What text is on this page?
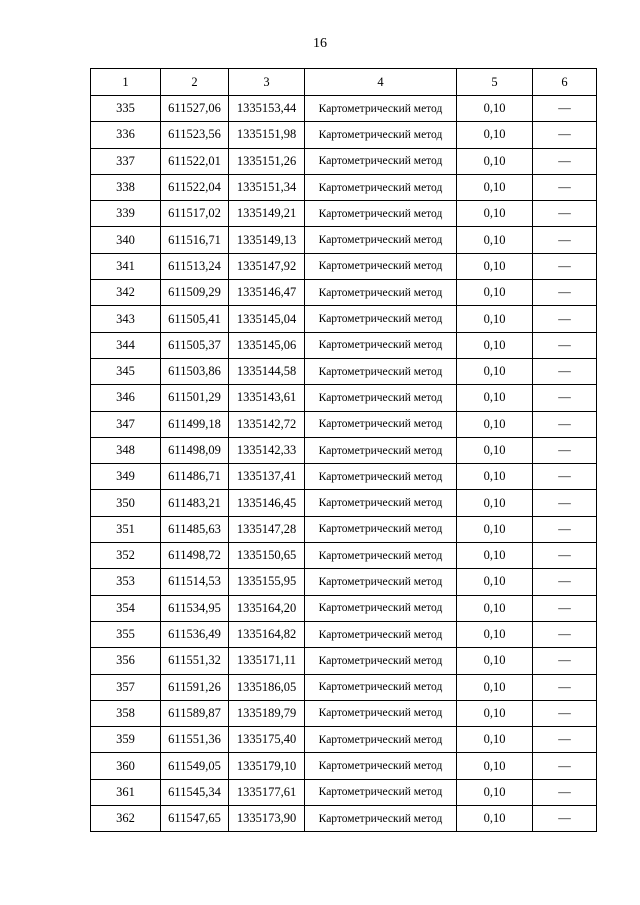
16
1	2	3	4	5	6
335	611527,06	1335153,44	Картометрический метод	0,10	—
336	611523,56	1335151,98	Картометрический метод	0,10	—
337	611522,01	1335151,26	Картометрический метод	0,10	—
338	611522,04	1335151,34	Картометрический метод	0,10	—
339	611517,02	1335149,21	Картометрический метод	0,10	—
340	611516,71	1335149,13	Картометрический метод	0,10	—
341	611513,24	1335147,92	Картометрический метод	0,10	—
342	611509,29	1335146,47	Картометрический метод	0,10	—
343	611505,41	1335145,04	Картометрический метод	0,10	—
344	611505,37	1335145,06	Картометрический метод	0,10	—
345	611503,86	1335144,58	Картометрический метод	0,10	—
346	611501,29	1335143,61	Картометрический метод	0,10	—
347	611499,18	1335142,72	Картометрический метод	0,10	—
348	611498,09	1335142,33	Картометрический метод	0,10	—
349	611486,71	1335137,41	Картометрический метод	0,10	—
350	611483,21	1335146,45	Картометрический метод	0,10	—
351	611485,63	1335147,28	Картометрический метод	0,10	—
352	611498,72	1335150,65	Картометрический метод	0,10	—
353	611514,53	1335155,95	Картометрический метод	0,10	—
354	611534,95	1335164,20	Картометрический метод	0,10	—
355	611536,49	1335164,82	Картометрический метод	0,10	—
356	611551,32	1335171,11	Картометрический метод	0,10	—
357	611591,26	1335186,05	Картометрический метод	0,10	—
358	611589,87	1335189,79	Картометрический метод	0,10	—
359	611551,36	1335175,40	Картометрический метод	0,10	—
360	611549,05	1335179,10	Картометрический метод	0,10	—
361	611545,34	1335177,61	Картометрический метод	0,10	—
362	611547,65	1335173,90	Картометрический метод	0,10	—
